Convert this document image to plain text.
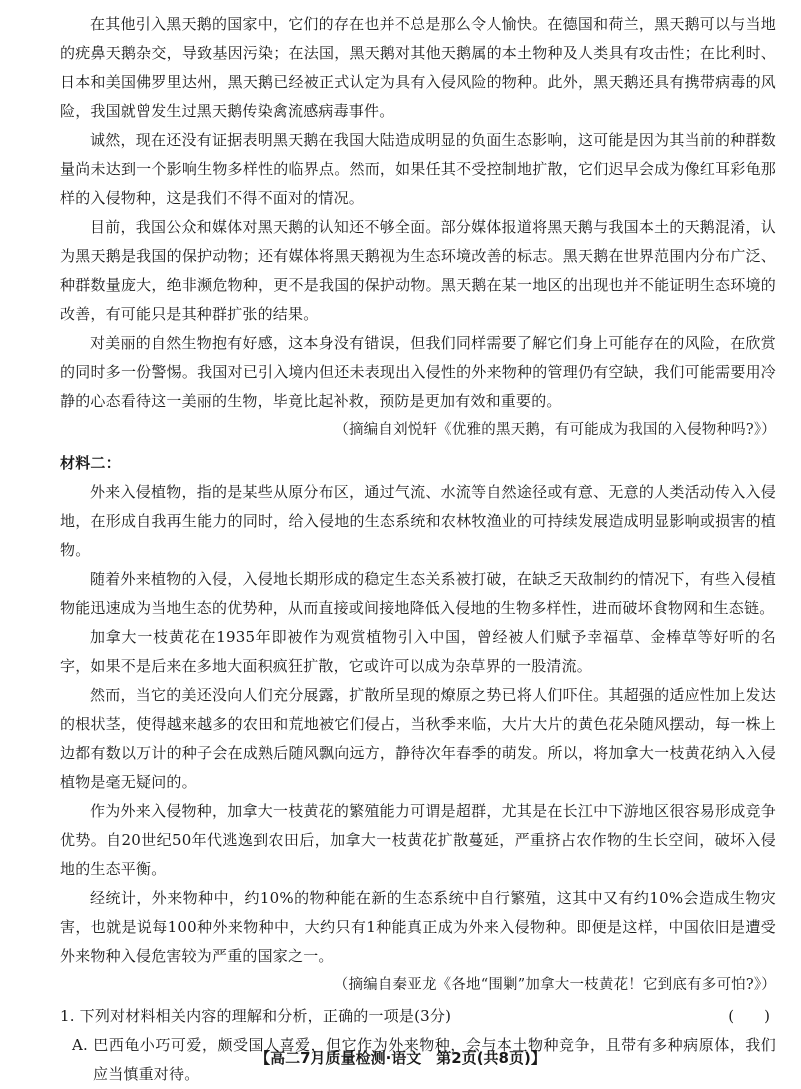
在其他引入黑天鹅的国家中，它们的存在也并不总是那么令人愉快。在德国和荷兰，黑天鹅可以与当地的疣鼻天鹅杂交，导致基因污染；在法国，黑天鹅对其他天鹅属的本土物种及人类具有攻击性；在比利时、日本和美国佛罗里达州，黑天鹅已经被正式认定为具有入侵风险的物种。此外，黑天鹅还具有携带病毒的风险，我国就曾发生过黑天鹅传染禽流感病毒事件。

诚然，现在还没有证据表明黑天鹅在我国大陆造成明显的负面生态影响，这可能是因为其当前的种群数量尚未达到一个影响生物多样性的临界点。然而，如果任其不受控制地扩散，它们迟早会成为像红耳彩龟那样的入侵物种，这是我们不得不面对的情况。

目前，我国公众和媒体对黑天鹅的认知还不够全面。部分媒体报道将黑天鹅与我国本土的天鹅混淆，认为黑天鹅是我国的保护动物；还有媒体将黑天鹅视为生态环境改善的标志。黑天鹅在世界范围内分布广泛、种群数量庞大，绝非濒危物种，更不是我国的保护动物。黑天鹅在某一地区的出现也并不能证明生态环境的改善，有可能只是其种群扩张的结果。

对美丽的自然生物抱有好感，这本身没有错误，但我们同样需要了解它们身上可能存在的风险，在欣赏的同时多一份警惕。我国对已引入境内但还未表现出入侵性的外来物种的管理仍有空缺，我们可能需要用冷静的心态看待这一美丽的生物，毕竟比起补救，预防是更加有效和重要的。

（摘编自刘悦轩《优雅的黑天鹅，有可能成为我国的入侵物种吗?》）

材料二：

外来入侵植物，指的是某些从原分布区，通过气流、水流等自然途径或有意、无意的人类活动传入入侵地，在形成自我再生能力的同时，给入侵地的生态系统和农林牧渔业的可持续发展造成明显影响或损害的植物。

随着外来植物的入侵，入侵地长期形成的稳定生态关系被打破，在缺乏天敌制约的情况下，有些入侵植物能迅速成为当地生态的优势种，从而直接或间接地降低入侵地的生物多样性，进而破坏食物网和生态链。

加拿大一枝黄花在1935年即被作为观赏植物引入中国，曾经被人们赋予幸福草、金棒草等好听的名字，如果不是后来在多地大面积疯狂扩散，它或许可以成为杂草界的一股清流。

然而，当它的美还没向人们充分展露，扩散所呈现的燎原之势已将人们吓住。其超强的适应性加上发达的根状茎，使得越来越多的农田和荒地被它们侵占，当秋季来临，大片大片的黄色花朵随风摆动，每一株上边都有数以万计的种子会在成熟后随风飘向远方，静待次年春季的萌发。所以，将加拿大一枝黄花纳入入侵植物是毫无疑问的。

作为外来入侵物种，加拿大一枝黄花的繁殖能力可谓是超群，尤其是在长江中下游地区很容易形成竞争优势。自20世纪50年代逃逸到农田后，加拿大一枝黄花扩散蔓延，严重挤占农作物的生长空间，破坏入侵地的生态平衡。

经统计，外来物种中，约10%的物种能在新的生态系统中自行繁殖，这其中又有约10%会造成生物灾害，也就是说每100种外来物种中，大约只有1种能真正成为外来入侵物种。即便是这样，中国依旧是遭受外来物种入侵危害较为严重的国家之一。

（摘编自秦亚龙《各地“围剿”加拿大一枝黄花！它到底有多可怕?》）

1. 下列对材料相关内容的理解和分析，正确的一项是(3分)	(　　)

A. 巴西龟小巧可爱，颇受国人喜爱，但它作为外来物种，会与本土物种竞争，且带有多种病原体，我们应当慎重对待。

【高二7月质量检测·语文　第2页(共8页)】
